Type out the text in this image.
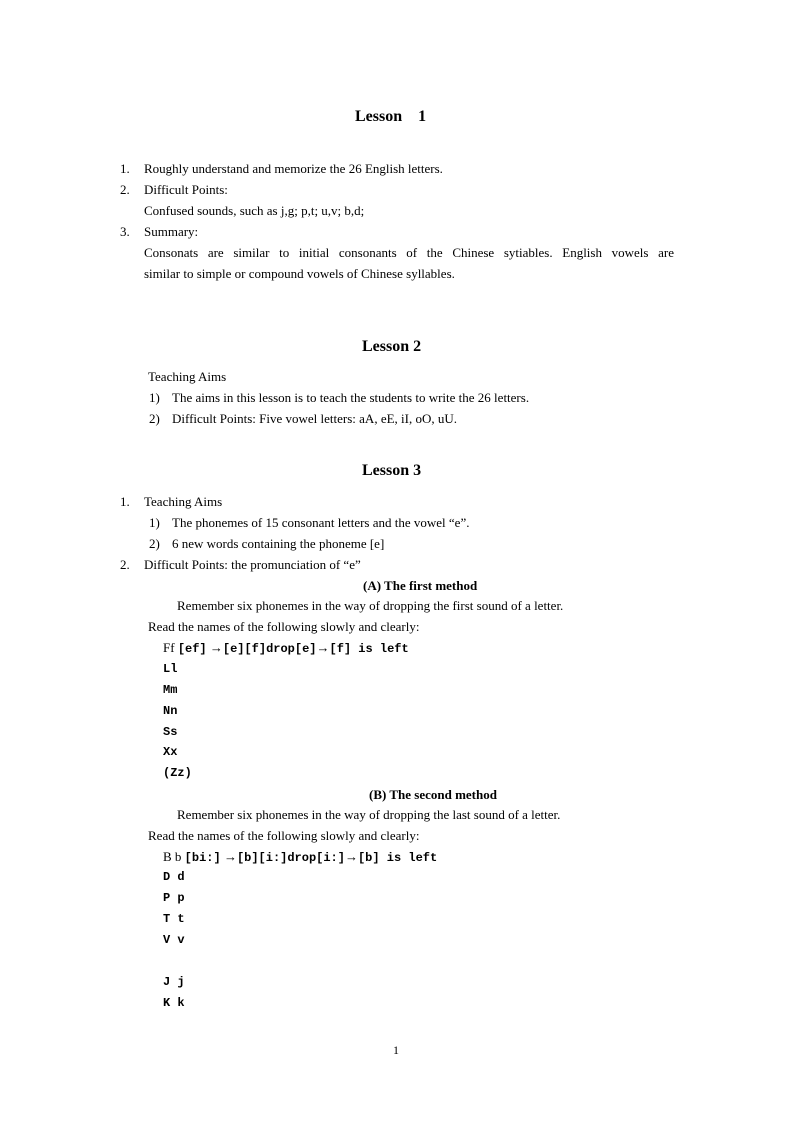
Lesson    1
1. Roughly understand and memorize the 26 English letters.
2. Difficult Points:
Confused sounds, such as j,g; p,t; u,v; b,d;
3. Summary:
Consonats are similar to initial consonants of the Chinese sytiables. English vowels are
similar to simple or compound vowels of Chinese syllables.
Lesson 2
Teaching Aims
1) The aims in this lesson is to teach the students to write the 26 letters.
2) Difficult Points: Five vowel letters: aA, eE, iI, oO, uU.
Lesson 3
1. Teaching Aims
1) The phonemes of 15 consonant letters and the vowel “e”.
2) 6 new words containing the phoneme [e]
2. Difficult Points: the promunciation of “e”
(A) The first method
Remember six phonemes in the way of dropping the first sound of a letter.
Read the names of the following slowly and clearly:
Ff [ef] →[e][f]drop[e]→[f] is left
Ll
Mm
Nn
Ss
Xx
(Zz)
(B) The second method
Remember six phonemes in the way of dropping the last sound of a letter.
Read the names of the following slowly and clearly:
B b [bi:] →[b][i:]drop[i:]→[b] is left
D d
P p
T t
V v
J j
K k
1
